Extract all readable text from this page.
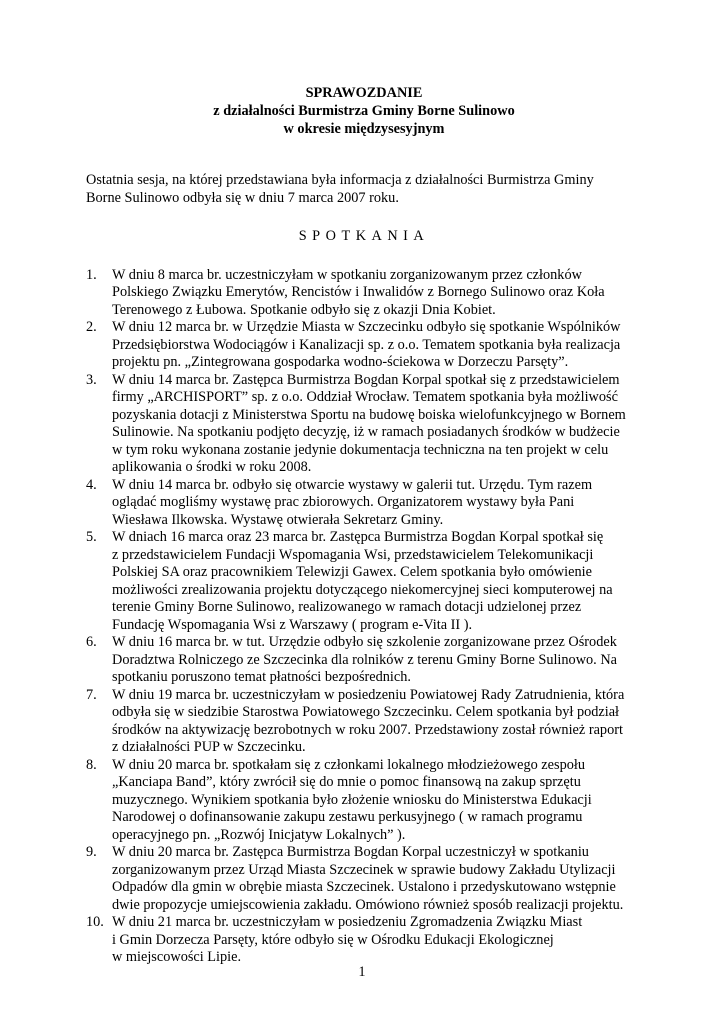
SPRAWOZDANIE
z działalności Burmistrza Gminy Borne Sulinowo
w okresie międzysesyjnym
Ostatnia sesja, na której przedstawiana była informacja z działalności Burmistrza Gminy
Borne Sulinowo odbyła się w dniu 7 marca 2007 roku.
SPOTKANIA
1. W dniu 8 marca br. uczestniczyłam w spotkaniu zorganizowanym przez członków
Polskiego Związku Emerytów, Rencistów i Inwalidów z Bornego Sulinowo oraz Koła
Terenowego z Łubowa. Spotkanie odbyło się z okazji Dnia Kobiet.
2. W dniu 12 marca br. w Urzędzie Miasta w Szczecinku odbyło się spotkanie Wspólników
Przedsiębiorstwa Wodociągów i Kanalizacji sp. z o.o. Tematem spotkania była realizacja
projektu pn. „Zintegrowana gospodarka wodno-ściekowa w Dorzeczu Parsęty”.
3. W dniu 14 marca br. Zastępca Burmistrza Bogdan Korpal spotkał się z przedstawicielem
firmy „ARCHISPORT” sp. z o.o. Oddział Wrocław. Tematem spotkania była możliwość
pozyskania dotacji z Ministerstwa Sportu na budowę boiska wielofunkcyjnego w Bornem
Sulinowie. Na spotkaniu podjęto decyzję, iż w ramach posiadanych środków w budżecie
w tym roku wykonana zostanie jedynie dokumentacja techniczna na ten projekt w celu
aplikowania o środki w roku 2008.
4. W dniu 14 marca br. odbyło się otwarcie wystawy w galerii tut. Urzędu. Tym razem
oglądać mogliśmy wystawę prac zbiorowych. Organizatorem wystawy była Pani
Wiesława Ilkowska. Wystawę otwierała Sekretarz Gminy.
5. W dniach 16 marca oraz 23 marca br. Zastępca Burmistrza Bogdan Korpal spotkał się
z przedstawicielem Fundacji Wspomagania Wsi, przedstawicielem Telekomunikacji
Polskiej SA oraz pracownikiem Telewizji Gawex. Celem spotkania było omówienie
możliwości zrealizowania projektu dotyczącego niekomercyjnej sieci komputerowej na
terenie Gminy Borne Sulinowo, realizowanego w ramach dotacji udzielonej przez
Fundację Wspomagania Wsi z Warszawy ( program e-Vita II ).
6. W dniu 16 marca br. w tut. Urzędzie odbyło się szkolenie zorganizowane przez Ośrodek
Doradztwa Rolniczego ze Szczecinka dla rolników z terenu Gminy Borne Sulinowo. Na
spotkaniu poruszono temat płatności bezpośrednich.
7. W dniu 19 marca br. uczestniczyłam w posiedzeniu Powiatowej Rady Zatrudnienia, która
odbyła się w siedzibie Starostwa Powiatowego Szczecinku. Celem spotkania był podział
środków na aktywizację bezrobotnych w roku 2007. Przedstawiony został również raport
z działalności PUP w Szczecinku.
8. W dniu 20 marca br. spotkałam się z członkami lokalnego młodzieżowego zespołu
„Kanciapa Band”, który zwrócił się do mnie o pomoc finansową na zakup sprzętu
muzycznego. Wynikiem spotkania było złożenie wniosku do Ministerstwa Edukacji
Narodowej o dofinansowanie zakupu zestawu perkusyjnego ( w ramach programu
operacyjnego pn. „Rozwój Inicjatyw Lokalnych” ).
9. W dniu 20 marca br. Zastępca Burmistrza Bogdan Korpal uczestniczył w spotkaniu
zorganizowanym przez Urząd Miasta Szczecinek w sprawie budowy Zakładu Utylizacji
Odpadów dla gmin w obrębie miasta Szczecinek. Ustalono i przedyskutowano wstępnie
dwie propozycje umiejscowienia zakładu. Omówiono również sposób realizacji projektu.
10. W dniu 21 marca br. uczestniczyłam w posiedzeniu Zgromadzenia Związku Miast
i Gmin Dorzecza Parsęty, które odbyło się w Ośrodku Edukacji Ekologicznej
w miejscowości Lipie.
1
